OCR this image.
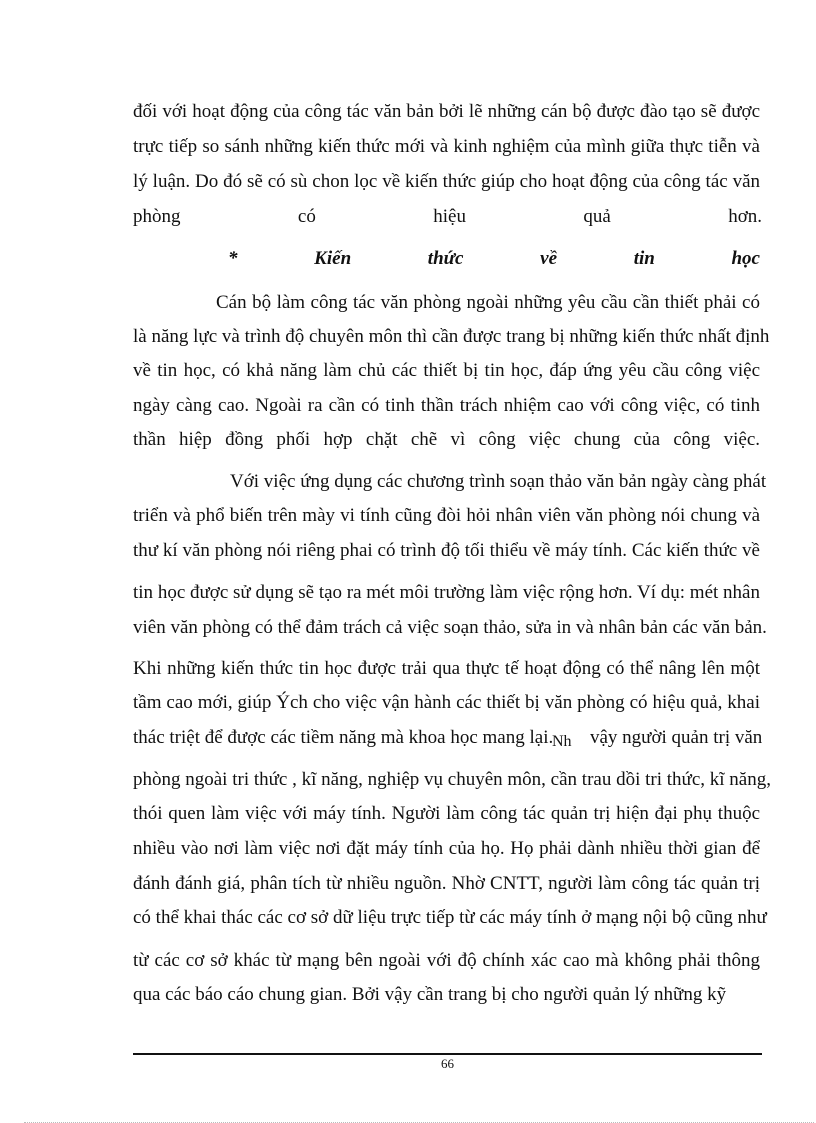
đối với hoạt động của công tác văn bản bởi lẽ những cán bộ được đào tạo sẽ được
trực tiếp so sánh những kiến thức mới và kinh nghiệm của mình giữa thực tiễn và
lý luận. Do đó sẽ có sù chon lọc về kiến thức giúp cho hoạt động của công tác văn
phòng có hiệu quả hơn.
* Kiến thức về tin học
Cán bộ làm công tác văn phòng ngoài những yêu cầu cần thiết phải có
là năng lực và trình độ chuyên môn thì cần được trang bị những kiến thức nhất định
về tin học, có khả năng làm chủ các thiết bị tin học, đáp ứng yêu cầu công việc
ngày càng cao. Ngoài ra cần có tinh thần trách nhiệm cao với công việc, có tinh
thần hiệp đồng phối hợp chặt chẽ vì công việc chung của công việc.
Với việc ứng dụng các chương trình soạn thảo văn bản ngày càng phát
triển và phổ biến trên mày vi tính cũng đòi hỏi nhân viên văn phòng nói chung và
thư kí văn phòng nói riêng phai có trình độ tối thiểu về máy tính. Các kiến thức về
tin học được sử dụng sẽ tạo ra mét môi trường làm việc rộng hơn. Ví dụ: mét nhân
viên văn phòng có thể đảm trách cả việc soạn thảo, sửa in và nhân bản các văn bản.
Khi những kiến thức tin học được trải qua thực tế hoạt động có thể nâng lên một
tầm cao mới, giúp Ých cho việc vận hành các thiết bị văn phòng có hiệu quả, khai
thác triệt để được các tiềm năng mà khoa học mang lại.
Nh vậy người quản trị văn
phòng ngoài tri thức , kĩ năng, nghiệp vụ chuyên môn, cần trau dồi tri thức, kĩ năng,
thói quen làm việc với máy tính. Người làm công tác quản trị hiện đại phụ thuộc
nhiều vào nơi làm việc nơi đặt máy tính của họ. Họ phải dành nhiều thời gian để
đánh đánh giá, phân tích từ nhiều nguồn. Nhờ CNTT, người làm công tác quản trị
có thể khai thác các cơ sở dữ liệu trực tiếp từ các máy tính ở mạng nội bộ cũng như
từ các cơ sở khác từ mạng bên ngoài với độ chính xác cao mà không phải thông
qua các báo cáo chung gian. Bởi vậy cần trang bị cho người quản lý những kỹ
66
